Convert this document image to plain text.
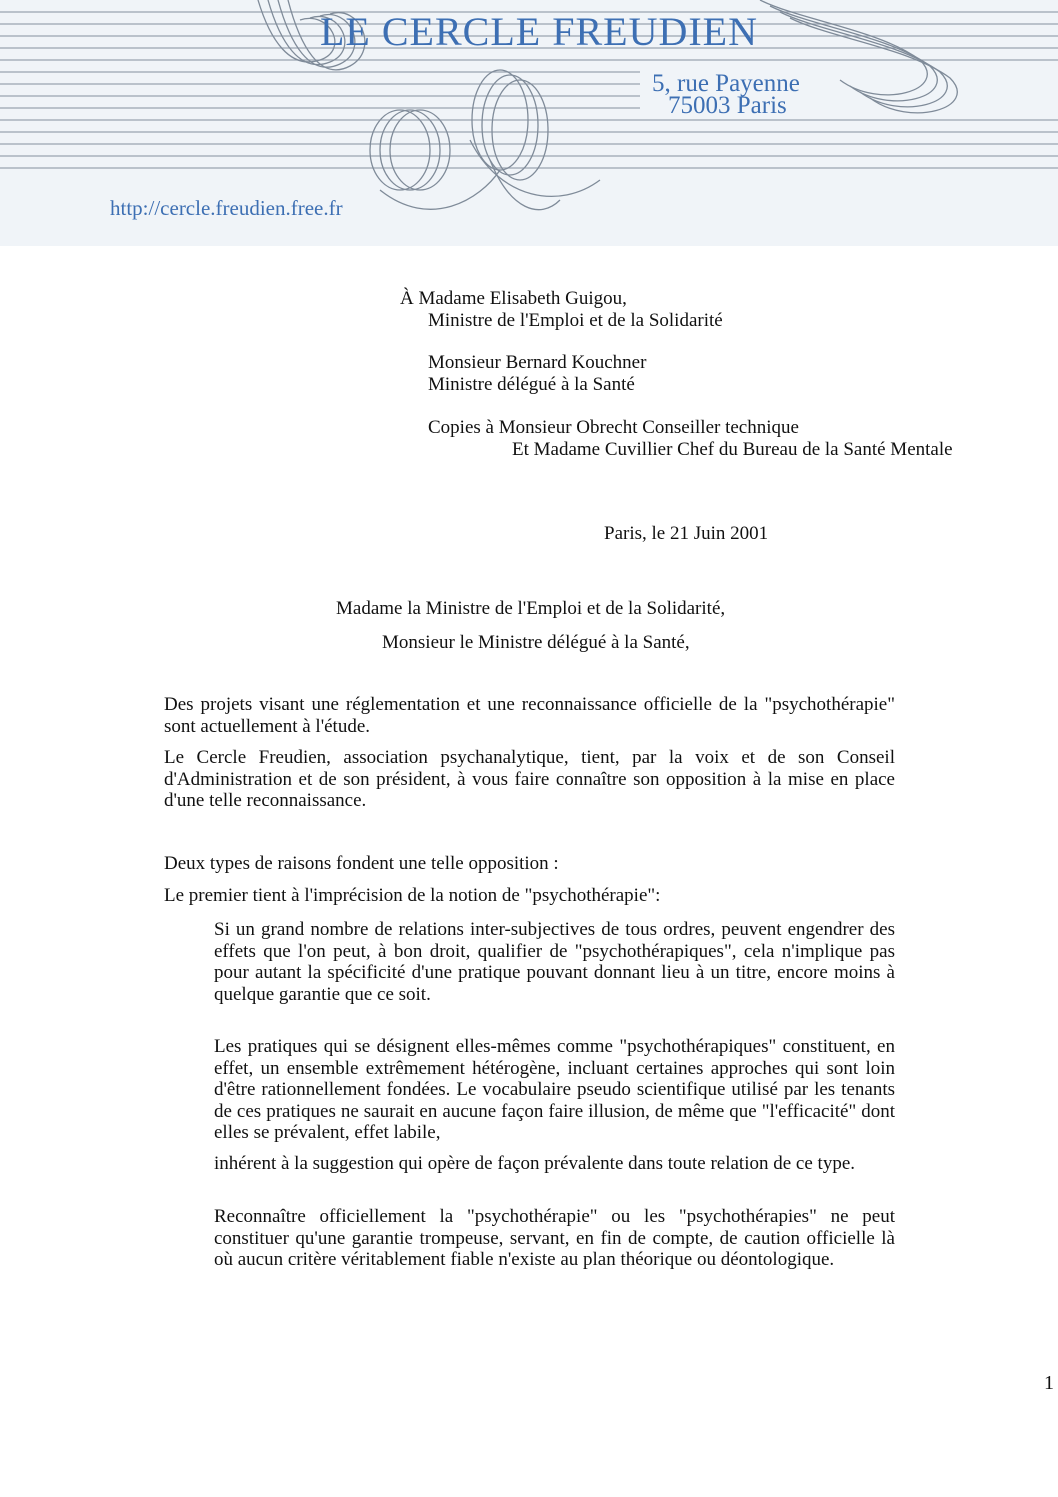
LE CERCLE FREUDIEN
5, rue Payenne
75003 Paris
http://cercle.freudien.free.fr
À Madame Elisabeth Guigou,
Ministre de l'Emploi et de la Solidarité
Monsieur Bernard Kouchner
Ministre délégué à la Santé
Copies à Monsieur Obrecht Conseiller technique
Et Madame Cuvillier Chef du Bureau de la Santé Mentale
Paris, le 21 Juin 2001
Madame la Ministre de l'Emploi et de la Solidarité,
Monsieur le Ministre délégué à la Santé,

Des projets visant une réglementation et une reconnaissance officielle de la "psychothérapie" sont actuellement à l'étude.

Le Cercle Freudien, association psychanalytique, tient, par la voix et de son Conseil d'Administration et de son président, à vous faire connaître son opposition à la mise en place d'une telle reconnaissance.

Deux types de raisons fondent une telle opposition :

Le premier tient à l'imprécision de la notion de "psychothérapie":

Si un grand nombre de relations inter-subjectives de tous ordres, peuvent engendrer des effets que l'on peut, à bon droit, qualifier de "psychothérapiques", cela n'implique pas pour autant la spécificité d'une pratique pouvant donnant lieu à un titre, encore moins à quelque garantie que ce soit.

Les pratiques qui se désignent elles-mêmes comme "psychothérapiques" constituent, en effet, un ensemble extrêmement hétérogène, incluant certaines approches qui sont loin d'être rationnellement fondées. Le vocabulaire pseudo scientifique utilisé par les tenants de ces pratiques ne saurait en aucune façon faire illusion, de même que "l'efficacité" dont elles se prévalent, effet labile,

inhérent à la suggestion qui opère de façon prévalente dans toute relation de ce type.

Reconnaître officiellement la "psychothérapie" ou les "psychothérapies" ne peut constituer qu'une garantie trompeuse, servant, en fin de compte, de caution officielle là où aucun critère véritablement fiable n'existe au plan théorique ou déontologique.

1
